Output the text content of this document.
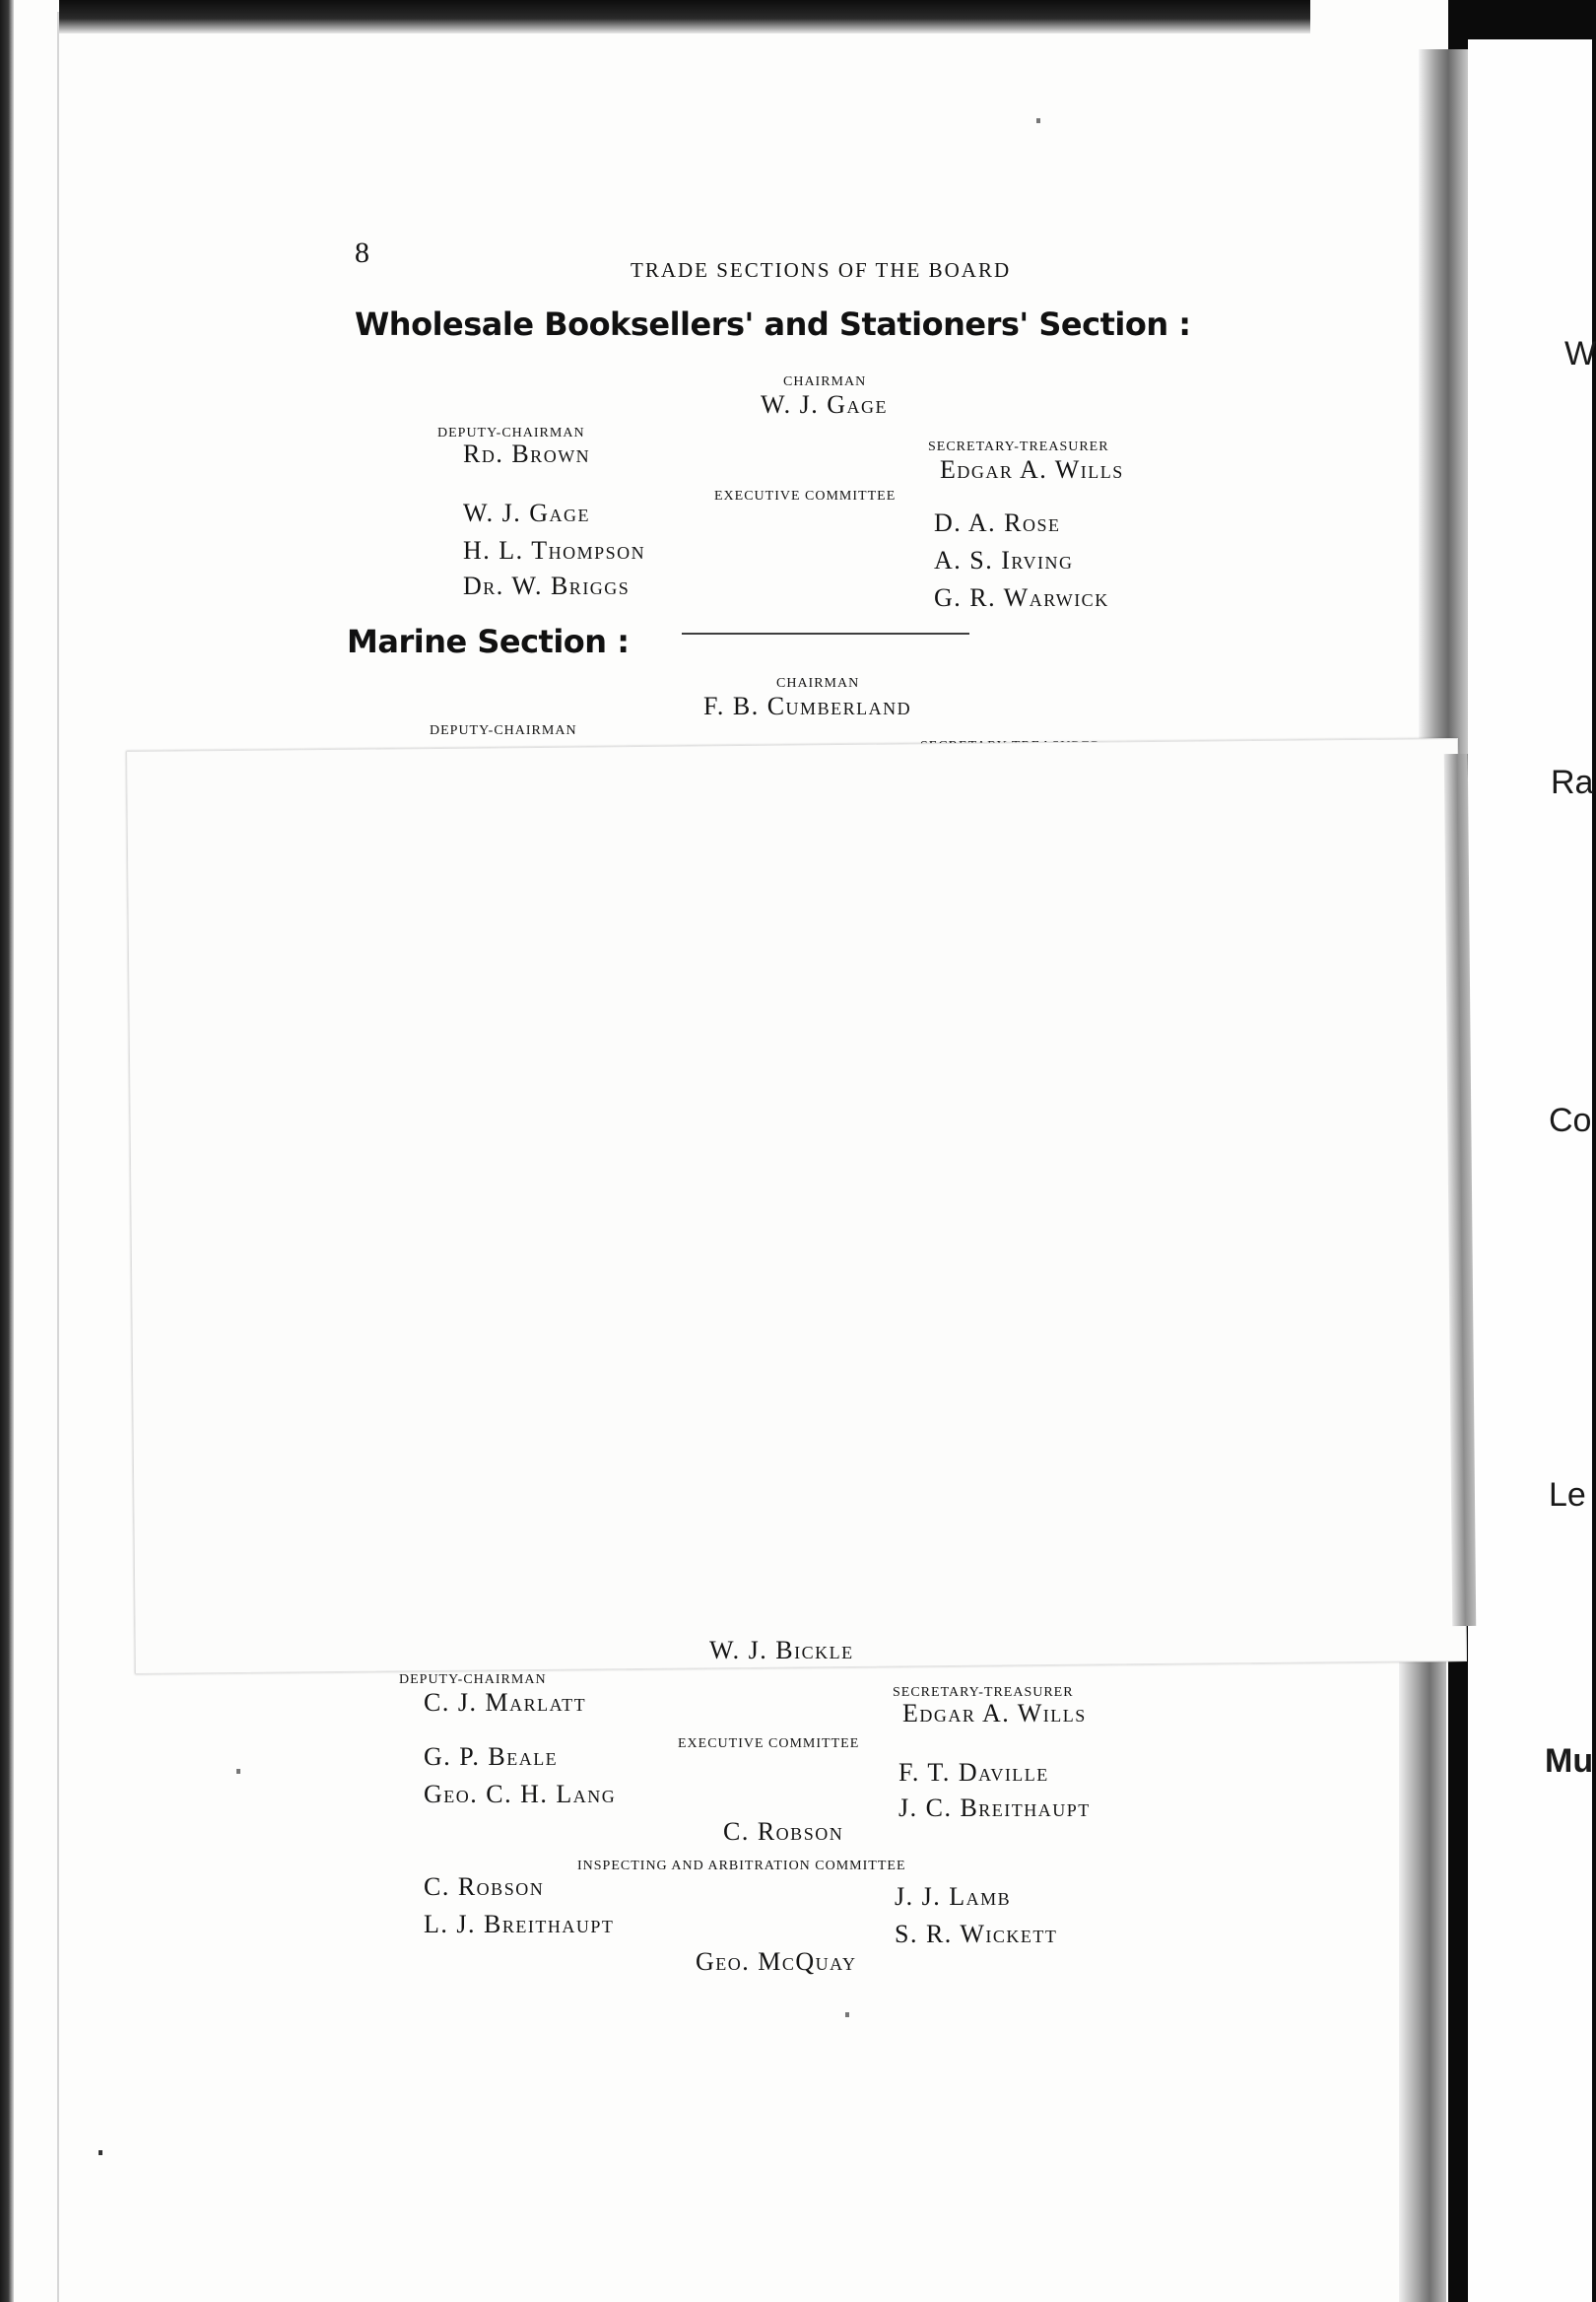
W
Ra
Co
Le
Mu
8
TRADE SECTIONS OF THE BOARD
Wholesale Booksellers' and Stationers' Section :
CHAIRMAN
W. J. Gage
DEPUTY-CHAIRMAN
Rd. Brown	SECRETARY-TREASURER
Edgar A. Wills
EXECUTIVE COMMITTEE
W. J. Gage
H. L. Thompson
Dr. W. Briggs
D. A. Rose
A. S. Irving
G. R. Warwick
Marine Section :
CHAIRMAN
F. B. Cumberland
DEPUTY-CHAIRMAN
W. J. Bickle
DEPUTY-CHAIRMAN
C. J. Marlatt	SECRETARY-TREASURER
Edgar A. Wills
EXECUTIVE COMMITTEE
G. P. Beale
Geo. C. H. Lang
F. T. Daville
J. C. Breithaupt
C. Robson
INSPECTING AND ARBITRATION COMMITTEE
C. Robson
L. J. Breithaupt
J. J. Lamb
S. R. Wickett
Geo. McQuay
